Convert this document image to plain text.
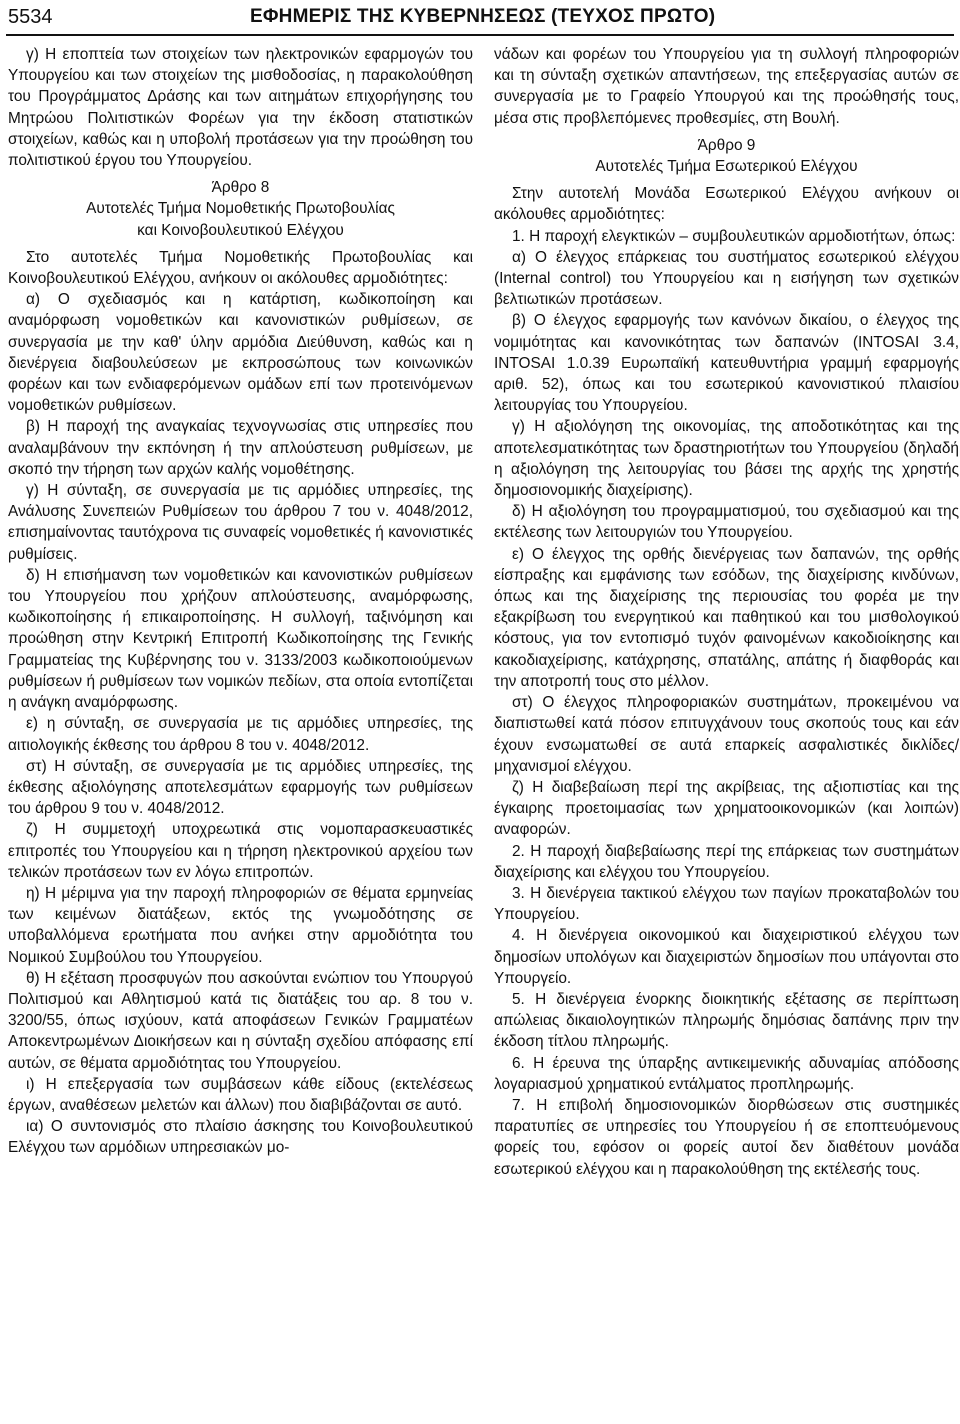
5534	ΕΦΗΜΕΡΙΣ ΤΗΣ ΚΥΒΕΡΝΗΣΕΩΣ (ΤΕΥΧΟΣ ΠΡΩΤΟ)

γ) Η εποπτεία των στοιχείων των ηλεκτρονικών εφαρμογών του Υπουργείου και των στοιχείων της μισθοδοσίας, η παρακολούθηση του Προγράμματος Δράσης και των αιτημάτων επιχορήγησης του Μητρώου Πολιτιστικών Φορέων για την έκδοση στατιστικών στοιχείων, καθώς και η υποβολή προτάσεων για την προώθηση του πολιτιστικού έργου του Υπουργείου.

Άρθρο 8

Αυτοτελές Τμήμα Νομοθετικής Πρωτοβουλίας

και Κοινοβουλευτικού Ελέγχου

Στο αυτοτελές Τμήμα Νομοθετικής Πρωτοβουλίας και Κοινοβουλευτικού Ελέγχου, ανήκουν οι ακόλουθες αρμοδιότητες:

α) Ο σχεδιασμός και η κατάρτιση, κωδικοποίηση και αναμόρφωση νομοθετικών και κανονιστικών ρυθμίσεων, σε συνεργασία με την καθ' ύλην αρμόδια Διεύθυνση, καθώς και η διενέργεια διαβουλεύσεων με εκπροσώπους των κοινωνικών φορέων και των ενδιαφερόμενων ομάδων επί των προτεινόμενων νομοθετικών ρυθμίσεων.

β) Η παροχή της αναγκαίας τεχνογνωσίας στις υπηρεσίες που αναλαμβάνουν την εκπόνηση ή την απλούστευση ρυθμίσεων, με σκοπό την τήρηση των αρχών καλής νομοθέτησης.

γ) Η σύνταξη, σε συνεργασία με τις αρμόδιες υπηρεσίες, της Ανάλυσης Συνεπειών Ρυθμίσεων του άρθρου 7 του ν. 4048/2012, επισημαίνοντας ταυτόχρονα τις συναφείς νομοθετικές ή κανονιστικές ρυθμίσεις.

δ) Η επισήμανση των νομοθετικών και κανονιστικών ρυθμίσεων του Υπουργείου που χρήζουν απλούστευσης, αναμόρφωσης, κωδικοποίησης ή επικαιροποίησης. Η συλλογή, ταξινόμηση και προώθηση στην Κεντρική Επιτροπή Κωδικοποίησης της Γενικής Γραμματείας της Κυβέρνησης του ν. 3133/2003 κωδικοποιούμενων ρυθμίσεων ή ρυθμίσεων των νομικών πεδίων, στα οποία εντοπίζεται η ανάγκη αναμόρφωσης.

ε) η σύνταξη, σε συνεργασία με τις αρμόδιες υπηρεσίες, της αιτιολογικής έκθεσης του άρθρου 8 του ν. 4048/2012.

στ) Η σύνταξη, σε συνεργασία με τις αρμόδιες υπηρεσίες, της έκθεσης αξιολόγησης αποτελεσμάτων εφαρμογής των ρυθμίσεων του άρθρου 9 του ν. 4048/2012.

ζ) Η συμμετοχή υποχρεωτικά στις νομοπαρασκευαστικές επιτροπές του Υπουργείου και η τήρηση ηλεκτρονικού αρχείου των τελικών προτάσεων των εν λόγω επιτροπών.

η) Η μέριμνα για την παροχή πληροφοριών σε θέματα ερμηνείας των κειμένων διατάξεων, εκτός της γνωμοδότησης σε υποβαλλόμενα ερωτήματα που ανήκει στην αρμοδιότητα του Νομικού Συμβούλου του Υπουργείου.

θ) Η εξέταση προσφυγών που ασκούνται ενώπιον του Υπουργού Πολιτισμού και Αθλητισμού κατά τις διατάξεις του αρ. 8 του ν. 3200/55, όπως ισχύουν, κατά αποφάσεων Γενικών Γραμματέων Αποκεντρωμένων Διοικήσεων και η σύνταξη σχεδίου απόφασης επί αυτών, σε θέματα αρμοδιότητας του Υπουργείου.

ι) Η επεξεργασία των συμβάσεων κάθε είδους (εκτελέσεως έργων, αναθέσεων μελετών και άλλων) που διαβιβάζονται σε αυτό.

ια) Ο συντονισμός στο πλαίσιο άσκησης του Κοινοβουλευτικού Ελέγχου των αρμόδιων υπηρεσιακών μο-

νάδων και φορέων του Υπουργείου για τη συλλογή πληροφοριών και τη σύνταξη σχετικών απαντήσεων, της επεξεργασίας αυτών σε συνεργασία με το Γραφείο Υπουργού και της προώθησής τους, μέσα στις προβλεπόμενες προθεσμίες, στη Βουλή.

Άρθρο 9

Αυτοτελές Τμήμα Εσωτερικού Ελέγχου

Στην αυτοτελή Μονάδα Εσωτερικού Ελέγχου ανήκουν οι ακόλουθες αρμοδιότητες:

1. Η παροχή ελεγκτικών – συμβουλευτικών αρμοδιοτήτων, όπως:

α) Ο έλεγχος επάρκειας του συστήματος εσωτερικού ελέγχου (Internal control) του Υπουργείου και η εισήγηση των σχετικών βελτιωτικών προτάσεων.

β) Ο έλεγχος εφαρμογής των κανόνων δικαίου, ο έλεγχος της νομιμότητας και κανονικότητας των δαπανών (INTOSAI 3.4, INTOSAI 1.0.39 Ευρωπαϊκή κατευθυντήρια γραμμή εφαρμογής αριθ. 52), όπως και του εσωτερικού κανονιστικού πλαισίου λειτουργίας του Υπουργείου.

γ) Η αξιολόγηση της οικονομίας, της αποδοτικότητας και της αποτελεσματικότητας των δραστηριοτήτων του Υπουργείου (δηλαδή η αξιολόγηση της λειτουργίας του βάσει της αρχής της χρηστής δημοσιονομικής διαχείρισης).

δ) Η αξιολόγηση του προγραμματισμού, του σχεδιασμού και της εκτέλεσης των λειτουργιών του Υπουργείου.

ε) Ο έλεγχος της ορθής διενέργειας των δαπανών, της ορθής είσπραξης και εμφάνισης των εσόδων, της διαχείρισης κινδύνων, όπως και της διαχείρισης της περιουσίας του φορέα με την εξακρίβωση του ενεργητικού και παθητικού και του μισθολογικού κόστους, για τον εντοπισμό τυχόν φαινομένων κακοδιοίκησης και κακοδιαχείρισης, κατάχρησης, σπατάλης, απάτης ή διαφθοράς και την αποτροπή τους στο μέλλον.

στ) Ο έλεγχος πληροφοριακών συστημάτων, προκειμένου να διαπιστωθεί κατά πόσον επιτυγχάνουν τους σκοπούς τους και εάν έχουν ενσωματωθεί σε αυτά επαρκείς ασφαλιστικές δικλίδες/ μηχανισμοί ελέγχου.

ζ) Η διαβεβαίωση περί της ακρίβειας, της αξιοπιστίας και της έγκαιρης προετοιμασίας των χρηματοοικονομικών (και λοιπών) αναφορών.

2. Η παροχή διαβεβαίωσης περί της επάρκειας των συστημάτων διαχείρισης και ελέγχου του Υπουργείου.

3. Η διενέργεια τακτικού ελέγχου των παγίων προκαταβολών του Υπουργείου.

4. Η διενέργεια οικονομικού και διαχειριστικού ελέγχου των δημοσίων υπολόγων και διαχειριστών δημοσίων που υπάγονται στο Υπουργείο.

5. Η διενέργεια ένορκης διοικητικής εξέτασης σε περίπτωση απώλειας δικαιολογητικών πληρωμής δημόσιας δαπάνης πριν την έκδοση τίτλου πληρωμής.

6. Η έρευνα της ύπαρξης αντικειμενικής αδυναμίας απόδοσης λογαριασμού χρηματικού εντάλματος προπληρωμής.

7. Η επιβολή δημοσιονομικών διορθώσεων στις συστημικές παρατυπίες σε υπηρεσίες του Υπουργείου ή σε εποπτευόμενους φορείς του, εφόσον οι φορείς αυτοί δεν διαθέτουν μονάδα εσωτερικού ελέγχου και η παρακολούθηση της εκτέλεσής τους.
